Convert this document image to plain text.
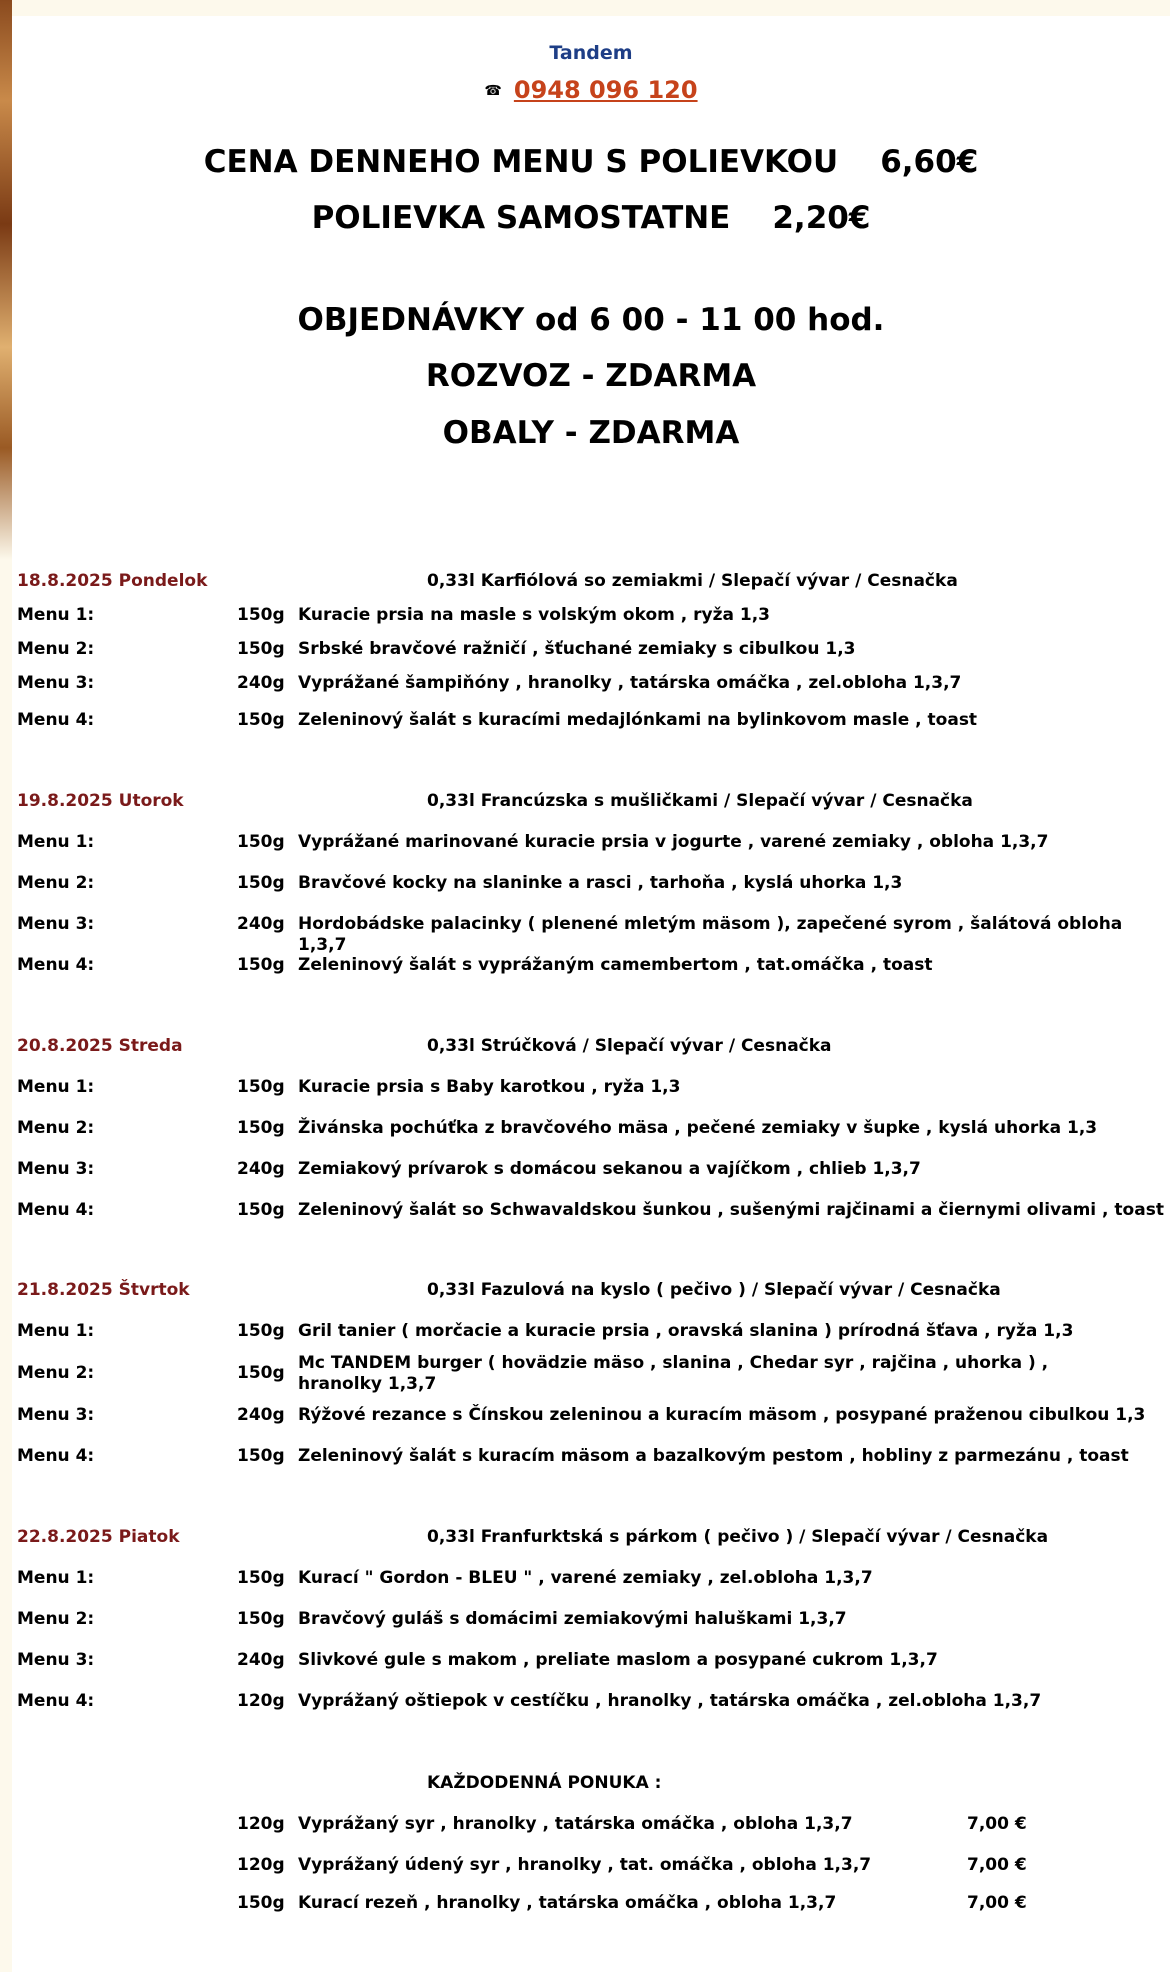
Tandem
☎ 0948 096 120
CENA DENNEHO MENU S POLIEVKOU 6,60€
POLIEVKA SAMOSTATNE 2,20€
OBJEDNÁVKY od 6 00 - 11 00 hod.
ROZVOZ - ZDARMA
OBALY - ZDARMA
18.8.2025 Pondelok	0,33l Karfiólová so zemiakmi / Slepačí vývar / Cesnačka
Menu 1:	150g Kuracie prsia na masle s volským okom , ryža 1,3
Menu 2:	150g Srbské bravčové ražničí , šťuchané zemiaky s cibulkou 1,3
Menu 3:	240g Vyprážané šampiňóny , hranolky , tatárska omáčka , zel.obloha 1,3,7
Menu 4:	150g Zeleninový šalát s kuracími medajlónkami na bylinkovom masle , toast
19.8.2025 Utorok	0,33l Francúzska s mušličkami / Slepačí vývar / Cesnačka
Menu 1:	150g Vyprážané marinované kuracie prsia v jogurte , varené zemiaky , obloha 1,3,7
Menu 2:	150g Bravčové kocky na slaninke a rasci , tarhoňa , kyslá uhorka 1,3
Menu 3:	240g Hordobádske palacinky ( plenené mletým mäsom ), zapečené syrom , šalátová obloha 1,3,7
Menu 4:	150g Zeleninový šalát s vyprážaným camembertom , tat.omáčka , toast
20.8.2025 Streda	0,33l Strúčková / Slepačí vývar / Cesnačka
Menu 1:	150g Kuracie prsia s Baby karotkou , ryža 1,3
Menu 2:	150g Živánska pochúťka z bravčového mäsa , pečené zemiaky v šupke , kyslá uhorka 1,3
Menu 3:	240g Zemiakový prívarok s domácou sekanou a vajíčkom , chlieb 1,3,7
Menu 4:	150g Zeleninový šalát so Schwavaldskou šunkou , sušenými rajčinami a čiernymi olivami , toast
21.8.2025 Štvrtok	0,33l Fazulová na kyslo ( pečivo ) / Slepačí vývar / Cesnačka
Menu 1:	150g Gril tanier ( morčacie a kuracie prsia , oravská slanina ) prírodná šťava , ryža 1,3
Menu 2:	150g Mc TANDEM burger ( hovädzie mäso , slanina , Chedar syr , rajčina , uhorka ) , hranolky 1,3,7
Menu 3:	240g Rýžové rezance s Čínskou zeleninou a kuracím mäsom , posypané praženou cibulkou 1,3
Menu 4:	150g Zeleninový šalát s kuracím mäsom a bazalkovým pestom , hobliny z parmezánu , toast
22.8.2025 Piatok	0,33l Franfurktská s párkom ( pečivo ) / Slepačí vývar / Cesnačka
Menu 1:	150g Kurací " Gordon - BLEU " , varené zemiaky , zel.obloha 1,3,7
Menu 2:	150g Bravčový guláš s domácimi zemiakovými haluškami 1,3,7
Menu 3:	240g Slivkové gule s makom , preliate maslom a posypané cukrom 1,3,7
Menu 4:	120g Vyprážaný oštiepok v cestíčku , hranolky , tatárska omáčka , zel.obloha 1,3,7
KAŽDODENNÁ PONUKA :
120g Vyprážaný syr , hranolky , tatárska omáčka , obloha 1,3,7	7,00 €
120g Vyprážaný údený syr , hranolky , tat. omáčka , obloha 1,3,7	7,00 €
150g Kurací rezeň , hranolky , tatárska omáčka , obloha 1,3,7	7,00 €
